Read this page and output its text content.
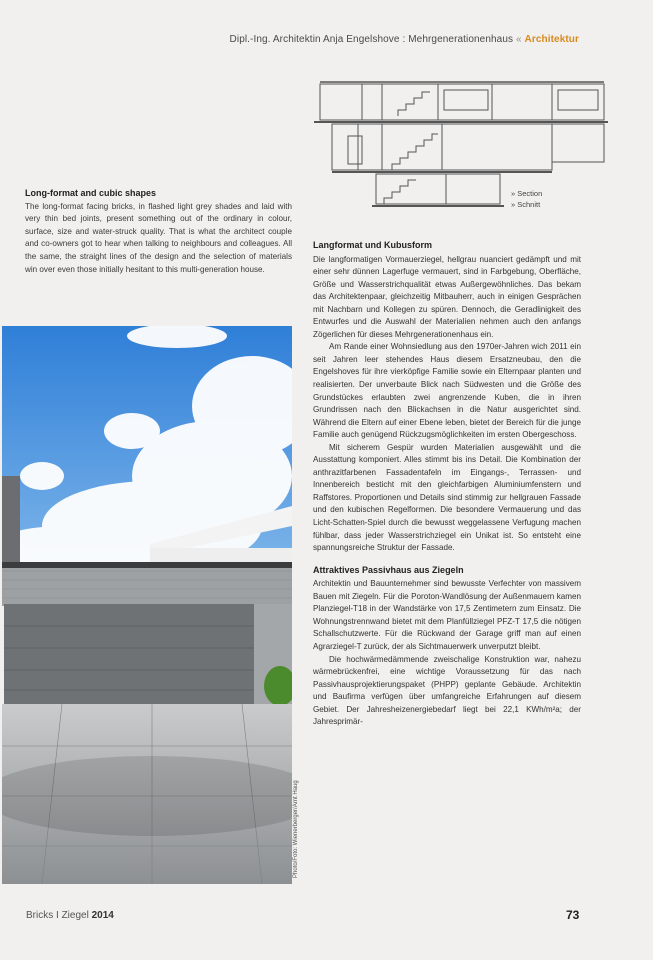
Dipl.-Ing. Architektin Anja Engelshove : Mehrgenerationenhaus « Architektur
» Section
» Schnitt
Long-format and cubic shapes
The long-format facing bricks, in flashed light grey shades and laid with very thin bed joints, present something out of the ordinary in colour, surface, size and water-struck quality. That is what the architect couple and co-owners got to hear when talking to neighbours and colleagues. All the same, the straight lines of the design and the selection of materials win over even those initially hesitant to this multi-generation house.
Photo/Foto: Wienerberger/Arnt Haug
Langformat und Kubusform

Die langformatigen Vormauerziegel, hellgrau nuanciert gedämpft und mit einer sehr dünnen Lagerfuge vermauert, sind in Farbgebung, Oberfläche, Größe und Wasserstrichqualität etwas Außergewöhnliches. Das bekam das Architektenpaar, gleichzeitig Mitbauherr, auch in einigen Gesprächen mit Nachbarn und Kollegen zu spüren. Dennoch, die Geradlinigkeit des Entwurfes und die Auswahl der Materialien nehmen auch den anfangs Zögerlichen für dieses Mehrgenerationenhaus ein.

Am Rande einer Wohnsiedlung aus den 1970er-Jahren wich 2011 ein seit Jahren leer stehendes Haus diesem Ersatzneubau, den die Engelshoves für ihre vierköpfige Familie sowie ein Elternpaar planten und realisierten. Der unverbaute Blick nach Südwesten und die Größe des Grundstückes erlaubten zwei angrenzende Kuben, die in ihren Grundrissen nach den Blickachsen in die Natur ausgerichtet sind. Während die Eltern auf einer Ebene leben, bietet der Bereich für die junge Familie auch genügend Rückzugsmöglichkeiten im ersten Obergeschoss.

Mit sicherem Gespür wurden Materialien ausgewählt und die Ausstattung komponiert. Alles stimmt bis ins Detail. Die Kombination der anthrazitfarbenen Fassadentafeln im Eingangs-, Terrassen- und Innenbereich besticht mit den gleichfarbigen Aluminiumfenstern und Raffstores. Proportionen und Details sind stimmig zur hellgrauen Fassade und den kubischen Regelformen. Die besondere Vermauerung und das Licht-Schatten-Spiel durch die bewusst weggelassene Verfugung machen fühlbar, dass jeder Wasserstrichziegel ein Unikat ist. So entsteht eine spannungsreiche Struktur der Fassade.

Attraktives Passivhaus aus Ziegeln

Architektin und Bauunternehmer sind bewusste Verfechter von massivem Bauen mit Ziegeln. Für die Poroton-Wandlösung der Außenmauern kamen Planziegel-T18 in der Wandstärke von 17,5 Zentimetern zum Einsatz. Die Wohnungstrennwand bietet mit dem Planfüllziegel PFZ-T 17,5 die nötigen Schallschutzwerte. Für die Rückwand der Garage griff man auf einen Agrarziegel-T zurück, der als Sichtmauerwerk unverputzt bleibt.

Die hochwärmedämmende zweischalige Konstruktion war, nahezu wärmebrückenfrei, eine wichtige Voraussetzung für das nach Passivhausprojektierungspaket (PHPP) geplante Gebäude. Architektin und Baufirma verfügen über umfangreiche Erfahrungen auf diesem Gebiet. Der Jahresheizenergiebedarf liegt bei 22,1 KWh/m²a; der Jahresprimär-

Bricks I Ziegel 2014	73
